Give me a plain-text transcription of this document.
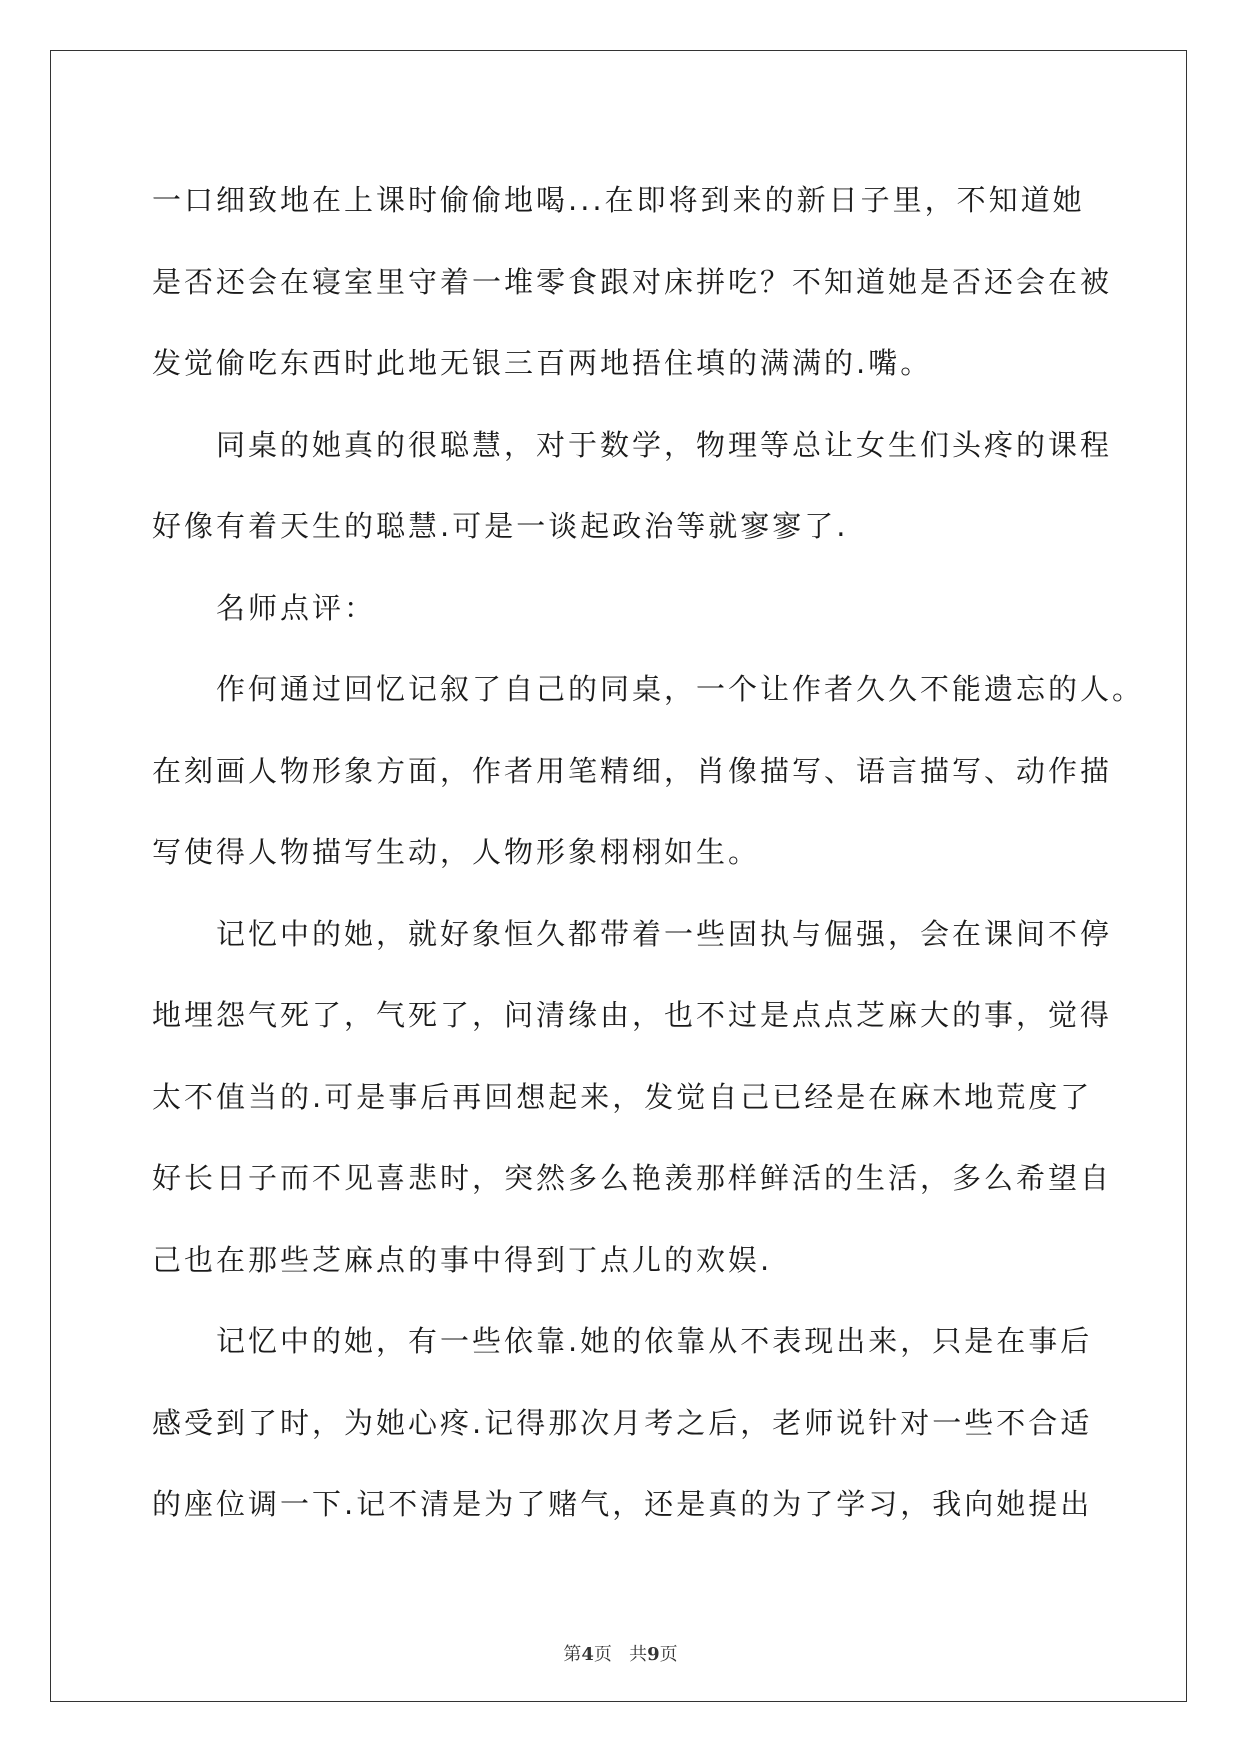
一口细致地在上课时偷偷地喝...在即将到来的新日子里，不知道她
是否还会在寝室里守着一堆零食跟对床拼吃？不知道她是否还会在被
发觉偷吃东西时此地无银三百两地捂住填的满满的.嘴。
同桌的她真的很聪慧，对于数学，物理等总让女生们头疼的课程
好像有着天生的聪慧.可是一谈起政治等就寥寥了.
名师点评：
作何通过回忆记叙了自己的同桌，一个让作者久久不能遗忘的人。
在刻画人物形象方面，作者用笔精细，肖像描写、语言描写、动作描
写使得人物描写生动，人物形象栩栩如生。
记忆中的她，就好象恒久都带着一些固执与倔强，会在课间不停
地埋怨气死了，气死了，问清缘由，也不过是点点芝麻大的事，觉得
太不值当的.可是事后再回想起来，发觉自己已经是在麻木地荒度了
好长日子而不见喜悲时，突然多么艳羡那样鲜活的生活，多么希望自
己也在那些芝麻点的事中得到丁点儿的欢娱.
记忆中的她，有一些依靠.她的依靠从不表现出来，只是在事后
感受到了时，为她心疼.记得那次月考之后，老师说针对一些不合适
的座位调一下.记不清是为了赌气，还是真的为了学习，我向她提出
第4页 共9页
